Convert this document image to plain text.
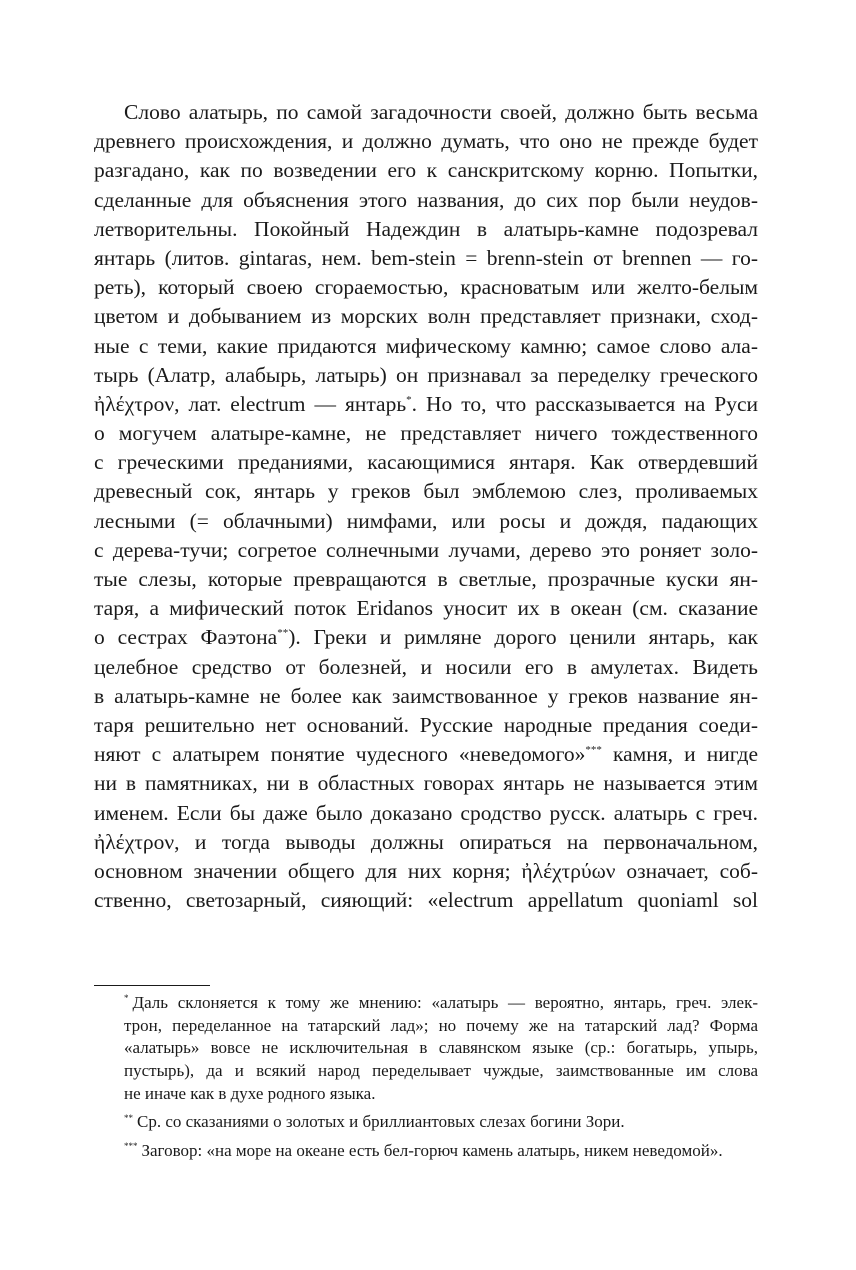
Слово алатырь, по самой загадочности своей, должно быть весьма
древнего происхождения, и должно думать, что оно не прежде будет
разгадано, как по возведении его к санскритскому корню. Попытки,
сделанные для объяснения этого названия, до сих пор были неудов-
летворительны. Покойный Надеждин в алатырь-камне подозревал
янтарь (литов. gintaras, нем. bem-stein = brenn-stein от brennen — го-
реть), который своею сгораемостью, красноватым или желто-белым
цветом и добыванием из морских волн представляет признаки, сход-
ные с теми, какие придаются мифическому камню; самое слово ала-
тырь (Алатр, алабырь, латырь) он признавал за переделку греческого
ἠλέχτρον, лат. electrum — янтарь*. Но то, что рассказывается на Руси
о могучем алатыре-камне, не представляет ничего тождественного
с греческими преданиями, касающимися янтаря. Как отвердевший
древесный сок, янтарь у греков был эмблемою слез, проливаемых
лесными (= облачными) нимфами, или росы и дождя, падающих
с дерева-тучи; согретое солнечными лучами, дерево это роняет золо-
тые слезы, которые превращаются в светлые, прозрачные куски ян-
таря, а мифический поток Eridanos уносит их в океан (см. сказание
о сестрах Фаэтона**). Греки и римляне дорого ценили янтарь, как
целебное средство от болезней, и носили его в амулетах. Видеть
в алатырь-камне не более как заимствованное у греков название ян-
таря решительно нет оснований. Русские народные предания соеди-
няют с алатырем понятие чудесного «неведомого»*** камня, и нигде
ни в памятниках, ни в областных говорах янтарь не называется этим
именем. Если бы даже было доказано сродство русск. алатырь с греч.
ἠλέχτρον, и тогда выводы должны опираться на первоначальном,
основном значении общего для них корня; ἠλέχτρύων означает, соб-
ственно, светозарный, сияющий: «electrum appellatum quoniaml sol
* Даль склоняется к тому же мнению: «алатырь — вероятно, янтарь, греч. элек-
трон, переделанное на татарский лад»; но почему же на татарский лад? Форма
«алатырь» вовсе не исключительная в славянском языке (ср.: богатырь, упырь,
пустырь), да и всякий народ переделывает чуждые, заимствованные им слова
не иначе как в духе родного языка.
** Ср. со сказаниями о золотых и бриллиантовых слезах богини Зори.
*** Заговор: «на море на океане есть бел-горюч камень алатырь, никем неведомой».
